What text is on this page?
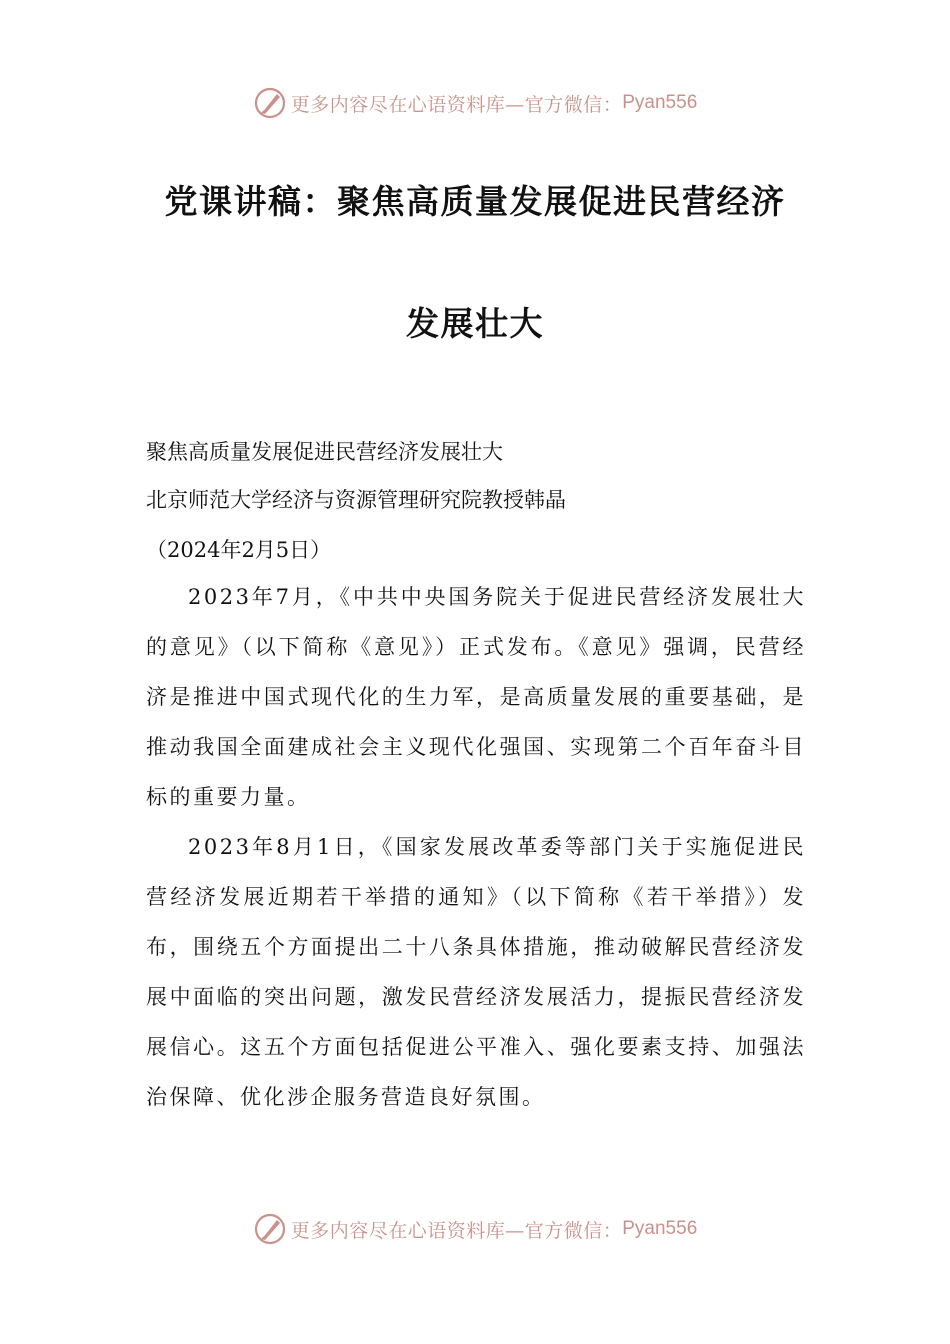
更多内容尽在心语资料库—官方微信： Pyan556
党课讲稿：聚焦高质量发展促进民营经济
发展壮大
聚焦高质量发展促进民营经济发展壮大
北京师范大学经济与资源管理研究院教授韩晶
（2024年2月5日）

2023年7月，《中共中央国务院关于促进民营经济发展壮大的意见》（以下简称《意见》）正式发布。《意见》强调，民营经济是推进中国式现代化的生力军，是高质量发展的重要基础，是推动我国全面建成社会主义现代化强国、实现第二个百年奋斗目标的重要力量。

2023年8月1日，《国家发展改革委等部门关于实施促进民营经济发展近期若干举措的通知》（以下简称《若干举措》）发布，围绕五个方面提出二十八条具体措施，推动破解民营经济发展中面临的突出问题，激发民营经济发展活力，提振民营经济发展信心。这五个方面包括促进公平准入、强化要素支持、加强法治保障、优化涉企服务营造良好氛围。

更多内容尽在心语资料库—官方微信： Pyan556
